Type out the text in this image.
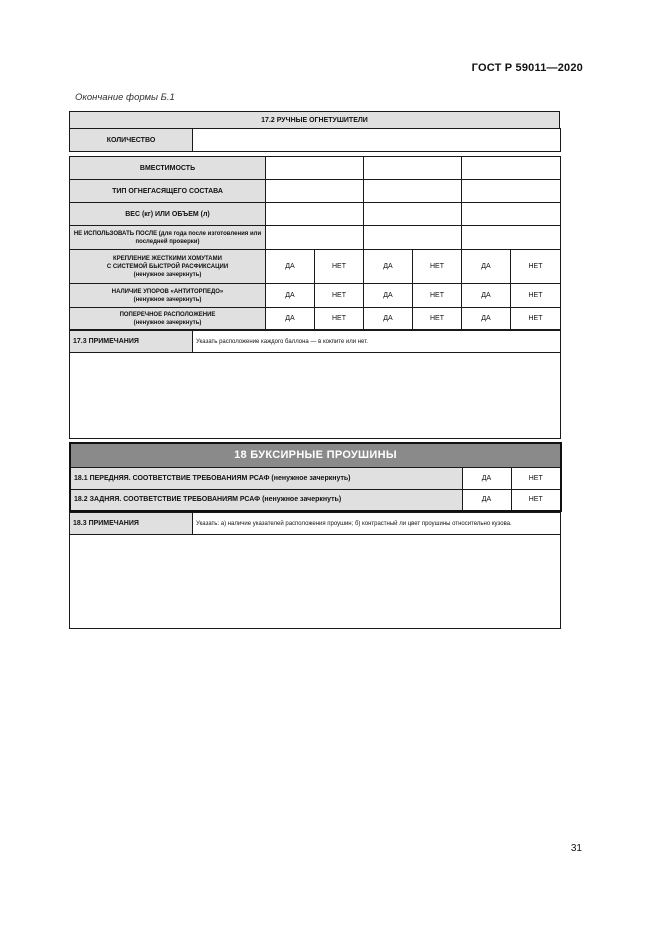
ГОСТ Р 59011—2020
Окончание формы Б.1
17.2 РУЧНЫЕ ОГНЕТУШИТЕЛИ
КОЛИЧЕСТВО	
ВМЕСТИМОСТЬ						
ТИП ОГНЕГАСЯЩЕГО СОСТАВА						
ВЕС (кг) ИЛИ ОБЪЕМ (л)						
НЕ ИСПОЛЬЗОВАТЬ ПОСЛЕ (для года после изготовления или последней проверки)						

КРЕПЛЕНИЕ ЖЕСТКИМИ ХОМУТАМИ
С СИСТЕМОЙ БЫСТРОЙ РАСФИКСАЦИИ
(ненужное зачеркнуть)	ДА	НЕТ	ДА	НЕТ	ДА	НЕТ

НАЛИЧИЕ УПОРОВ «АНТИТОРПЕДО»
(ненужное зачеркнуть)	ДА	НЕТ	ДА	НЕТ	ДА	НЕТ

ПОПЕРЕЧНОЕ РАСПОЛОЖЕНИЕ
(ненужное зачеркнуть)	ДА	НЕТ	ДА	НЕТ	ДА	НЕТ
17.3 ПРИМЕЧАНИЯ	Указать расположение каждого баллона — в кокпите или нет.

18 БУКСИРНЫЕ ПРОУШИНЫ		
18.1 ПЕРЕДНЯЯ. СООТВЕТСТВИЕ ТРЕБОВАНИЯМ РСАФ (ненужное зачеркнуть)	ДА	НЕТ
18.2 ЗАДНЯЯ. СООТВЕТСТВИЕ ТРЕБОВАНИЯМ РСАФ (ненужное зачеркнуть)	ДА	НЕТ
18.3 ПРИМЕЧАНИЯ	Указать: а) наличие указателей расположения проушин; б) контрастный ли цвет проушины относительно кузова.

31
